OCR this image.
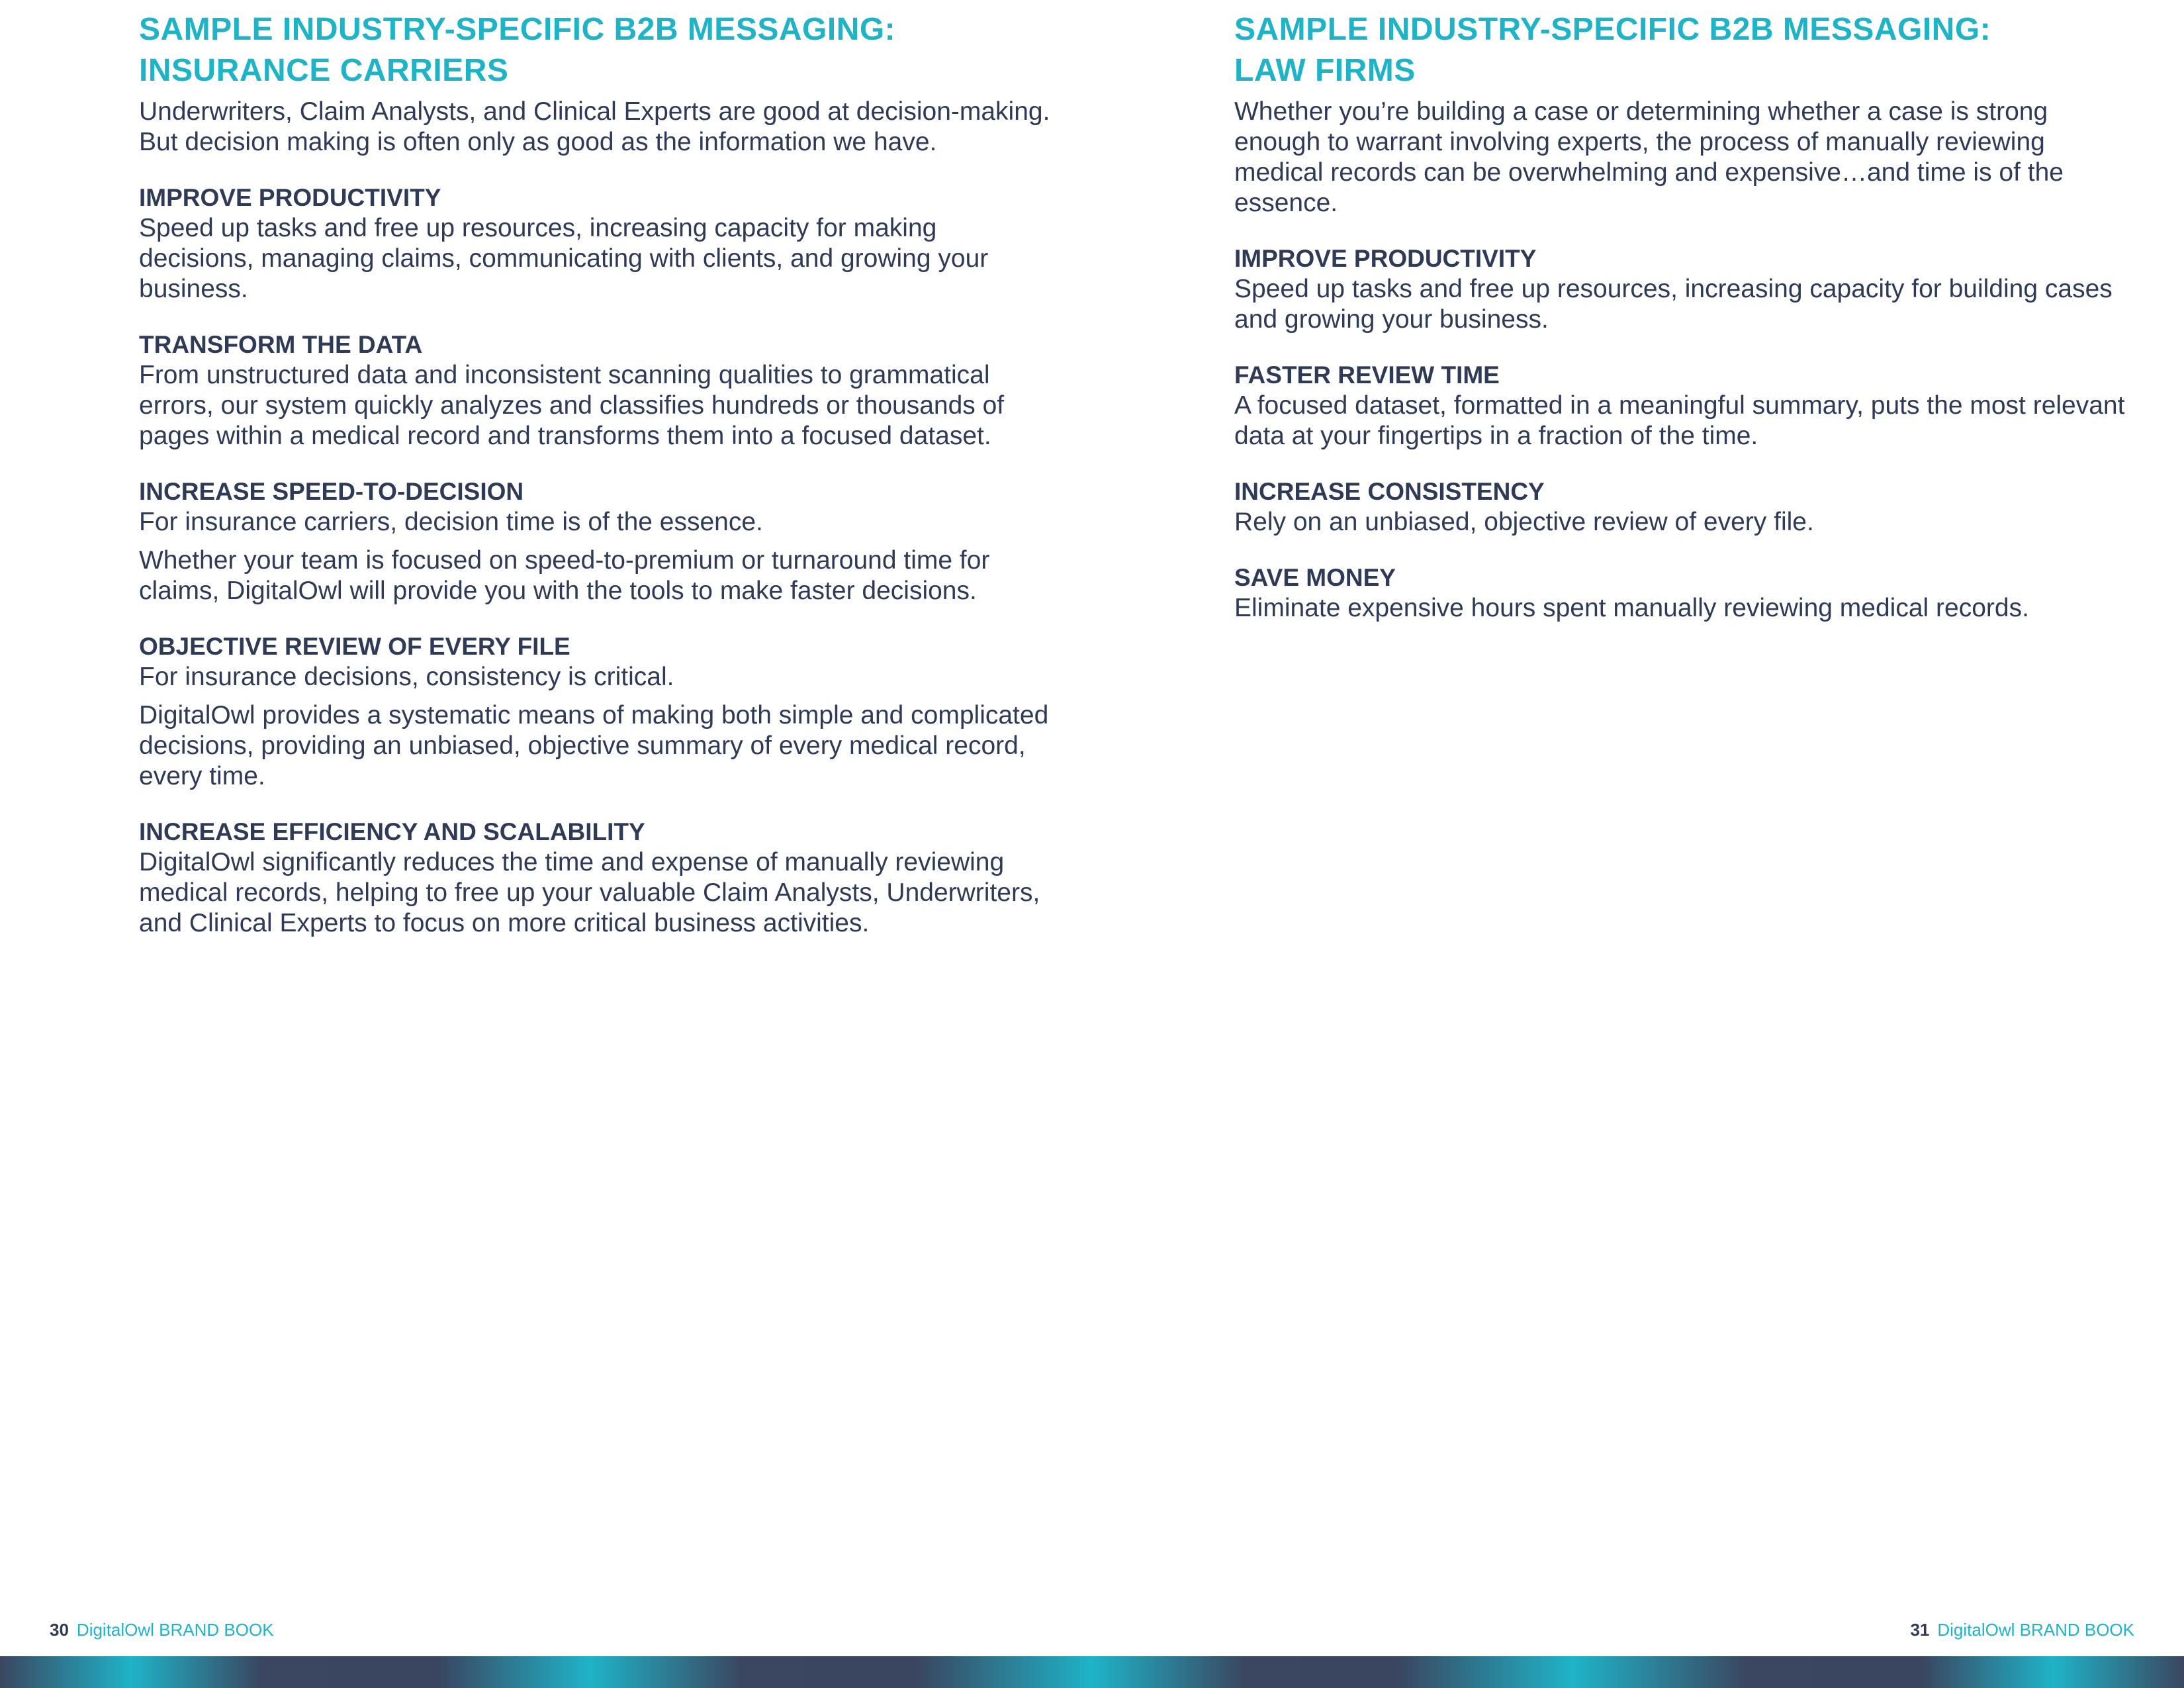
SAMPLE INDUSTRY-SPECIFIC B2B MESSAGING:
INSURANCE CARRIERS

Underwriters, Claim Analysts, and Clinical Experts are good at decision-making. But decision making is often only as good as the information we have.

IMPROVE PRODUCTIVITY

Speed up tasks and free up resources, increasing capacity for making decisions, managing claims, communicating with clients, and growing your business.

TRANSFORM THE DATA

From unstructured data and inconsistent scanning qualities to grammatical errors, our system quickly analyzes and classifies hundreds or thousands of pages within a medical record and transforms them into a focused dataset.

INCREASE SPEED-TO-DECISION

For insurance carriers, decision time is of the essence.

Whether your team is focused on speed-to-premium or turnaround time for claims, DigitalOwl will provide you with the tools to make faster decisions.

OBJECTIVE REVIEW OF EVERY FILE

For insurance decisions, consistency is critical.

DigitalOwl provides a systematic means of making both simple and complicated decisions, providing an unbiased, objective summary of every medical record, every time.

INCREASE EFFICIENCY AND SCALABILITY

DigitalOwl significantly reduces the time and expense of manually reviewing medical records, helping to free up your valuable Claim Analysts, Underwriters, and Clinical Experts to focus on more critical business activities.

SAMPLE INDUSTRY-SPECIFIC B2B MESSAGING:
LAW FIRMS

Whether you’re building a case or determining whether a case is strong enough to warrant involving experts, the process of manually reviewing medical records can be overwhelming and expensive…and time is of the essence.

IMPROVE PRODUCTIVITY

Speed up tasks and free up resources, increasing capacity for building cases and growing your business.

FASTER REVIEW TIME

A focused dataset, formatted in a meaningful summary, puts the most relevant data at your fingertips in a fraction of the time.

INCREASE CONSISTENCY

Rely on an unbiased, objective review of every file.

SAVE MONEY

Eliminate expensive hours spent manually reviewing medical records.

30 DigitalOwl BRAND BOOK	31 DigitalOwl BRAND BOOK
